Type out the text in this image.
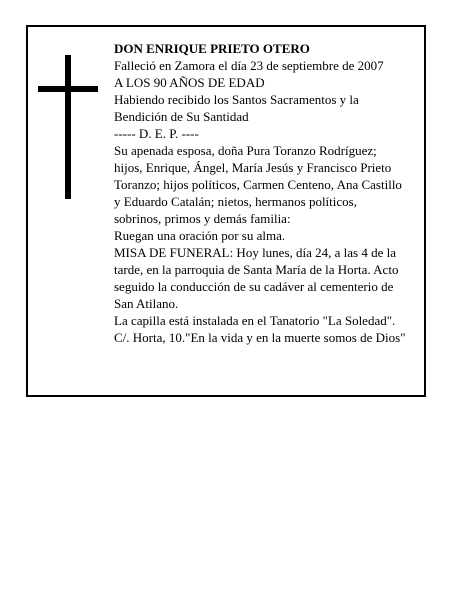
DON ENRIQUE PRIETO OTERO
Falleció en Zamora el día 23 de septiembre de 2007
A LOS 90 AÑOS DE EDAD
Habiendo recibido los Santos Sacramentos y la
Bendición de Su Santidad
----- D. E. P. ----
Su apenada esposa, doña Pura Toranzo Rodríguez;
hijos, Enrique, Ángel, María Jesús y Francisco Prieto
Toranzo; hijos políticos, Carmen Centeno, Ana Castillo
y Eduardo Catalán; nietos, hermanos políticos,
sobrinos, primos y demás familia:
Ruegan una oración por su alma.
MISA DE FUNERAL: Hoy lunes, día 24, a las 4 de la
tarde, en la parroquia de Santa María de la Horta. Acto
seguido la conducción de su cadáver al cementerio de
San Atilano.
La capilla está instalada en el Tanatorio "La Soledad".
C/. Horta, 10."En la vida y en la muerte somos de Dios"
